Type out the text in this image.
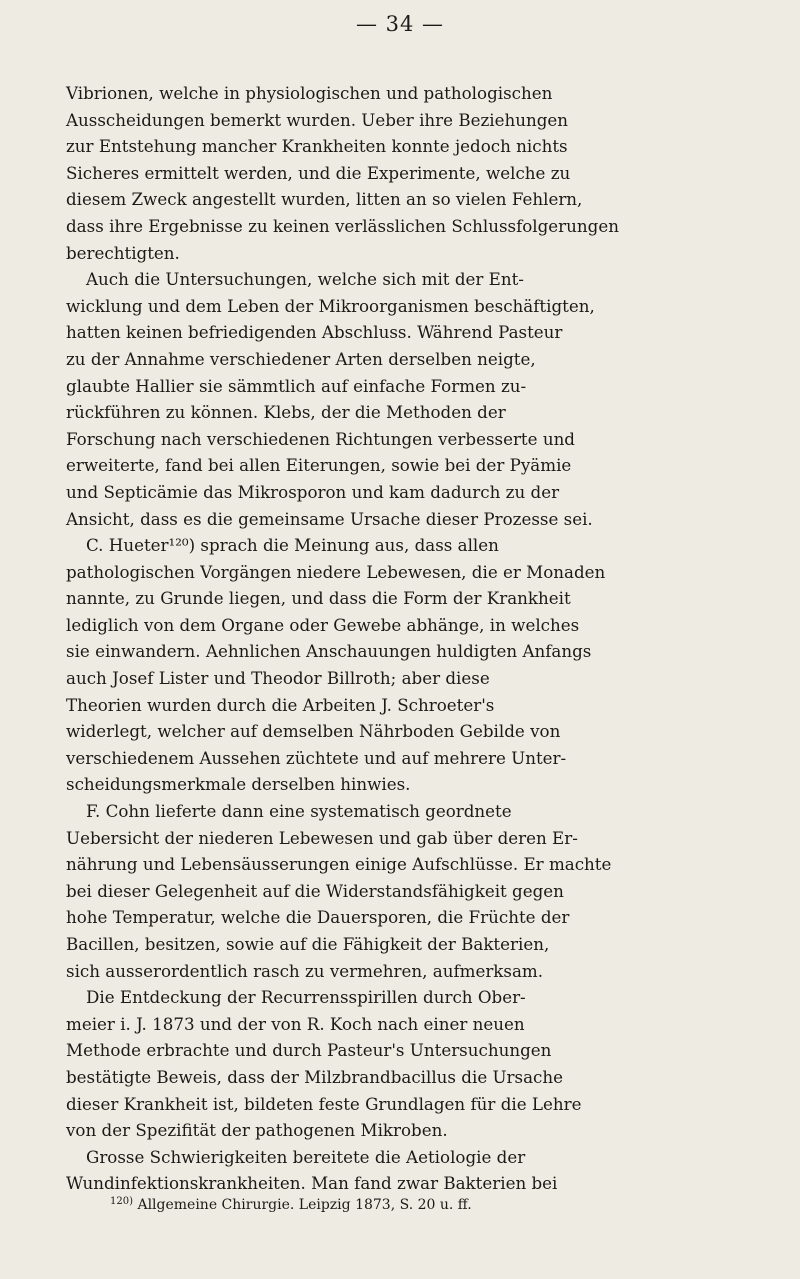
— 34 —
Vibrionen, welche in physiologischen und pathologischen
Ausscheidungen bemerkt wurden. Ueber ihre Beziehungen
zur Entstehung mancher Krankheiten konnte jedoch nichts
Sicheres ermittelt werden, und die Experimente, welche zu
diesem Zweck angestellt wurden, litten an so vielen Fehlern,
dass ihre Ergebnisse zu keinen verlässlichen Schlussfolgerungen
berechtigten.
Auch die Untersuchungen, welche sich mit der Ent-
wicklung und dem Leben der Mikroorganismen beschäftigten,
hatten keinen befriedigenden Abschluss. Während Pasteur
zu der Annahme verschiedener Arten derselben neigte,
glaubte Hallier sie sämmtlich auf einfache Formen zu-
rückführen zu können. Klebs, der die Methoden der
Forschung nach verschiedenen Richtungen verbesserte und
erweiterte, fand bei allen Eiterungen, sowie bei der Pyämie
und Septicämie das Mikrosporon und kam dadurch zu der
Ansicht, dass es die gemeinsame Ursache dieser Prozesse sei.
C. Hueter¹²⁰) sprach die Meinung aus, dass allen
pathologischen Vorgängen niedere Lebewesen, die er Monaden
nannte, zu Grunde liegen, und dass die Form der Krankheit
lediglich von dem Organe oder Gewebe abhänge, in welches
sie einwandern. Aehnlichen Anschauungen huldigten Anfangs
auch Josef Lister und Theodor Billroth; aber diese
Theorien wurden durch die Arbeiten J. Schroeter's
widerlegt, welcher auf demselben Nährboden Gebilde von
verschiedenem Aussehen züchtete und auf mehrere Unter-
scheidungsmerkmale derselben hinwies.
F. Cohn lieferte dann eine systematisch geordnete
Uebersicht der niederen Lebewesen und gab über deren Er-
nährung und Lebensäusserungen einige Aufschlüsse. Er machte
bei dieser Gelegenheit auf die Widerstandsfähigkeit gegen
hohe Temperatur, welche die Dauersporen, die Früchte der
Bacillen, besitzen, sowie auf die Fähigkeit der Bakterien,
sich ausserordentlich rasch zu vermehren, aufmerksam.
Die Entdeckung der Recurrensspirillen durch Ober-
meier i. J. 1873 und der von R. Koch nach einer neuen
Methode erbrachte und durch Pasteur's Untersuchungen
bestätigte Beweis, dass der Milzbrandbacillus die Ursache
dieser Krankheit ist, bildeten feste Grundlagen für die Lehre
von der Spezifität der pathogenen Mikroben.
Grosse Schwierigkeiten bereitete die Aetiologie der
Wundinfektionskrankheiten. Man fand zwar Bakterien bei
$^{120)}$ Allgemeine Chirurgie. Leipzig 1873, S. 20 u. ff.
